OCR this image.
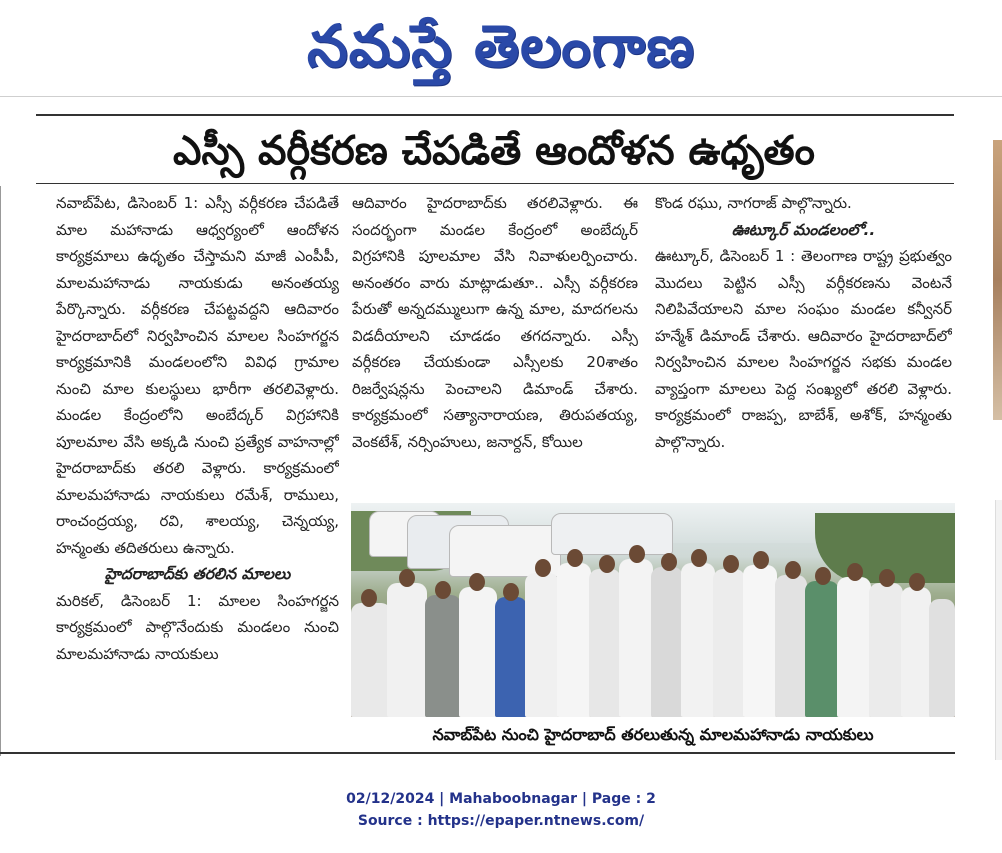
నమస్తే తెలంగాణ
ఎస్సీ వర్గీకరణ చేపడితే ఆందోళన ఉధృతం

నవాబ్‌పేట, డిసెంబర్ 1: ఎస్సీ వర్గీకరణ చేపడితే మాల మహానాడు ఆధ్వర్యంలో ఆందోళన కార్యక్రమాలు ఉధృతం చేస్తామని మాజీ ఎంపీపీ, మాలమహానాడు నాయకుడు అనంతయ్య పేర్కొన్నారు. వర్గీకరణ చేపట్టవద్దని ఆదివారం హైదరాబాద్‌లో నిర్వహించిన మాలల సింహగర్జన కార్యక్రమానికి మండలంలోని వివిధ గ్రామాల నుంచి మాల కులస్థులు భారీగా తరలివెళ్లారు. మండల కేంద్రంలోని అంబేద్కర్ విగ్రహానికి పూలమాల వేసి అక్కడి నుంచి ప్రత్యేక వాహనాల్లో హైదరాబాద్‌కు తరలి వెళ్లారు. కార్యక్రమంలో మాలమహానాడు నాయకులు రమేశ్, రాములు, రాంచంద్రయ్య, రవి, శాలయ్య, చెన్నయ్య, హన్మంతు తదితరులు ఉన్నారు.

హైదరాబాద్‌కు తరలిన మాలలు

మరికల్, డిసెంబర్ 1: మాలల సింహగర్జన కార్యక్రమంలో పాల్గొనేందుకు మండలం నుంచి మాలమహానాడు నాయకులు

ఆదివారం హైదరాబాద్‌కు తరలివెళ్లారు. ఈ సందర్భంగా మండల కేంద్రంలో అంబేద్కర్ విగ్రహానికి పూలమాల వేసి నివాళులర్పించారు. అనంతరం వారు మాట్లాడుతూ.. ఎస్సీ వర్గీకరణ పేరుతో అన్నదమ్ములుగా ఉన్న మాల, మాదగలను విడదీయాలని చూడడం తగదన్నారు. ఎస్సీ వర్గీకరణ చేయకుండా ఎస్సీలకు 20శాతం రిజర్వేషన్లను పెంచాలని డిమాండ్ చేశారు. కార్యక్రమంలో సత్యానారాయణ, తిరుపతయ్య, వెంకటేశ్, నర్సింహులు, జనార్దన్, కోయిల

కొండ రఘు, నాగరాజ్ పాల్గొన్నారు.

ఊట్కూర్ మండలంలో..

ఊట్కూర్, డిసెంబర్ 1 : తెలంగాణ రాష్ట్ర ప్రభుత్వం మొదలు పెట్టిన ఎస్సీ వర్గీకరణను వెంటనే నిలిపివేయాలని మాల సంఘం మండల కన్వీనర్ హన్మేశ్ డిమాండ్ చేశారు. ఆదివారం హైదరాబాద్‌లో నిర్వహించిన మాలల సింహగర్జన సభకు మండల వ్యాప్తంగా మాలలు పెద్ద సంఖ్యలో తరలి వెళ్లారు. కార్యక్రమంలో రాజప్ప, బాబేశ్, అశోక్, హన్మంతు పాల్గొన్నారు.

నవాబ్‌పేట నుంచి హైదరాబాద్ తరలుతున్న మాలమహానాడు నాయకులు
02/12/2024 | Mahaboobnagar | Page : 2
Source : https://epaper.ntnews.com/
